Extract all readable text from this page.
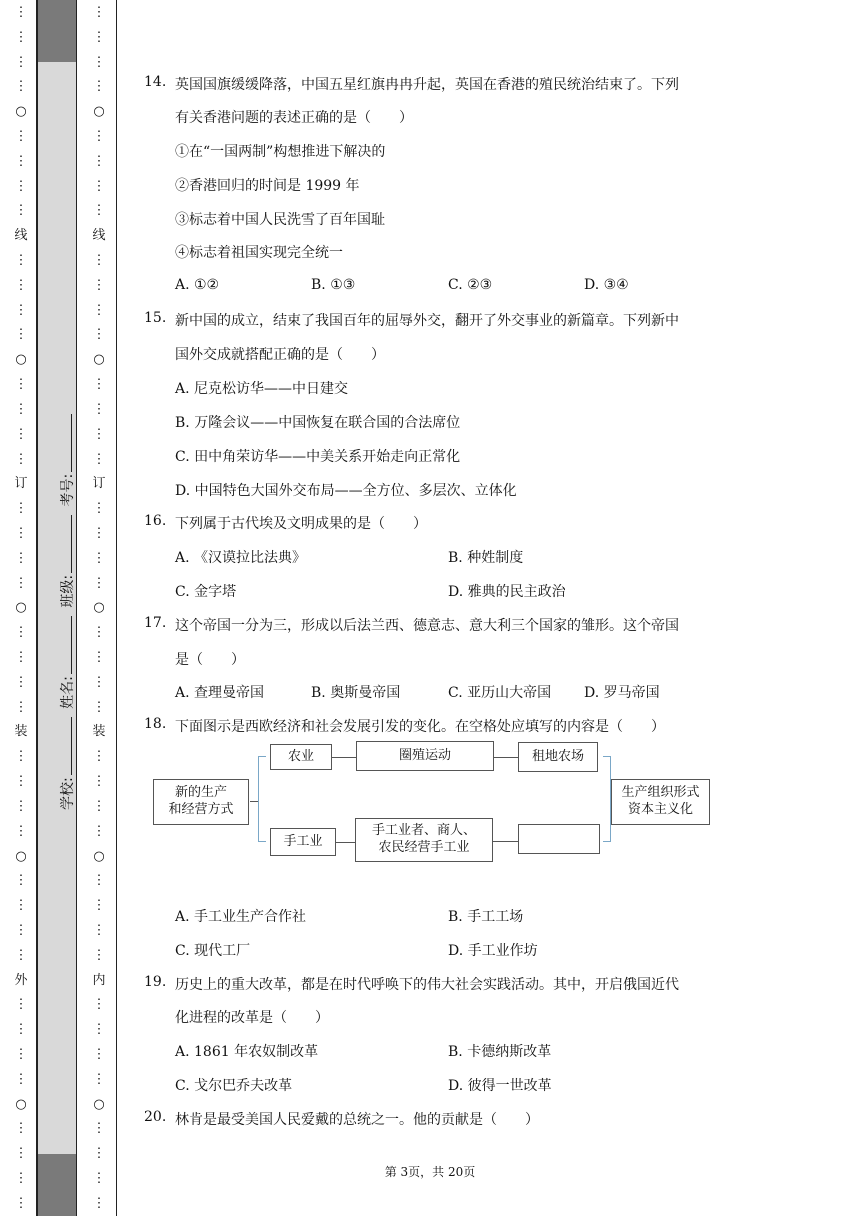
⋮
⋮
⋮
⋮
○
⋮
⋮
⋮
⋮
线
⋮
⋮
⋮
⋮
○
⋮
⋮
⋮
⋮
订
⋮
⋮
⋮
⋮
○
⋮
⋮
⋮
⋮
装
⋮
⋮
⋮
⋮
○
⋮
⋮
⋮
⋮
外
⋮
⋮
⋮
⋮
○
⋮
⋮
⋮
⋮
学校: 姓名: 班级: 考号:
⋮
⋮
⋮
⋮
○
⋮
⋮
⋮
⋮
线
⋮
⋮
⋮
⋮
○
⋮
⋮
⋮
⋮
订
⋮
⋮
⋮
⋮
○
⋮
⋮
⋮
⋮
装
⋮
⋮
⋮
⋮
○
⋮
⋮
⋮
⋮
内
⋮
⋮
⋮
⋮
○
⋮
⋮
⋮
⋮
14. 英国国旗缓缓降落，中国五星红旗冉冉升起，英国在香港的殖民统治结束了。下列
有关香港问题的表述正确的是（　　）
①在“一国两制”构想推进下解决的
②香港回归的时间是 1999 年
③标志着中国人民洗雪了百年国耻
④标志着祖国实现完全统一
A. ①②	B. ①③	C. ②③	D. ③④
15. 新中国的成立，结束了我国百年的屈辱外交，翻开了外交事业的新篇章。下列新中
国外交成就搭配正确的是（　　）
A. 尼克松访华——中日建交
B. 万隆会议——中国恢复在联合国的合法席位
C. 田中角荣访华——中美关系开始走向正常化
D. 中国特色大国外交布局——全方位、多层次、立体化
16. 下列属于古代埃及文明成果的是（　　）
A. 《汉谟拉比法典》	B. 种姓制度
C. 金字塔	D. 雅典的民主政治
17. 这个帝国一分为三，形成以后法兰西、德意志、意大利三个国家的雏形。这个帝国
是（　　）
A. 查理曼帝国	B. 奥斯曼帝国	C. 亚历山大帝国 D. 罗马帝国
18. 下面图示是西欧经济和社会发展引发的变化。在空格处应填写的内容是（　　）
新的生产
和经营方式
农业	圈殖运动	租地农场
手工业
手工业者、商人、
农民经营手工业
生产组织形式
资本主义化
A. 手工业生产合作社	B. 手工工场
C. 现代工厂	D. 手工业作坊
19. 历史上的重大改革，都是在时代呼唤下的伟大社会实践活动。其中，开启俄国近代
化进程的改革是（　　）
A. 1861 年农奴制改革	B. 卡德纳斯改革
C. 戈尔巴乔夫改革	D. 彼得一世改革
20. 林肯是最受美国人民爱戴的总统之一。他的贡献是（　　）
第 3页，共 20页
